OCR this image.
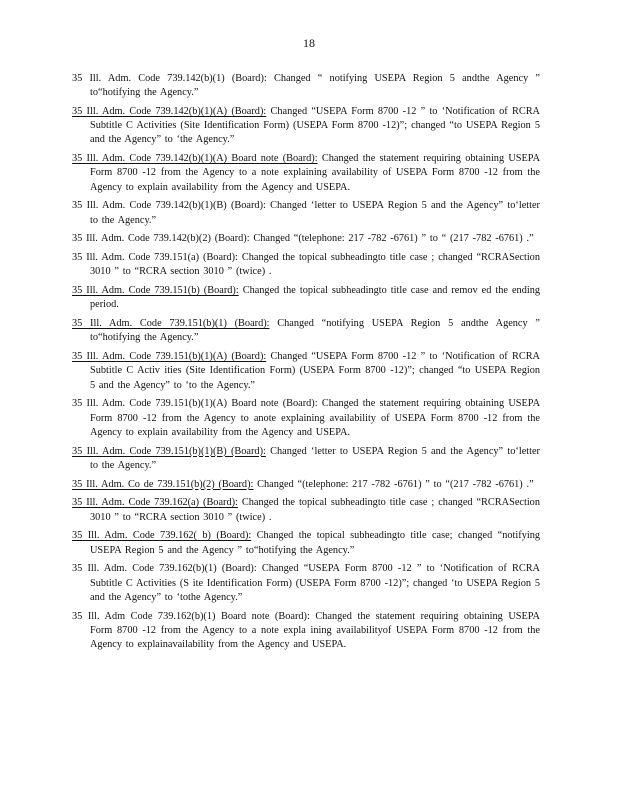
18
35 Ill. Adm. Code 739.142(b)(1) (Board): Changed “ notifying USEPA Region 5 andthe Agency ” to“hotifying the Agency.”
35 Ill. Adm. Code 739.142(b)(1)(A) (Board): Changed “USEPA Form 8700 -12 ” to ‘Notification of RCRA Subtitle C Activities (Site Identification Form) (USEPA Form 8700 -12)”; changed “to USEPA Region 5 and the Agency” to ‘the Agency.”
35 Ill. Adm. Code 739.142(b)(1)(A) Board note (Board): Changed the statement requiring obtaining USEPA Form 8700 -12 from the Agency to a note explaining availability of USEPA Form 8700 -12 from the Agency to explain availability from the Agency and USEPA.
35 Ill. Adm. Code 739.142(b)(1)(B) (Board): Changed ‘letter to USEPA Region 5 and the Agency” to‘letter to the Agency.”
35 Ill. Adm. Code 739.142(b)(2) (Board): Changed “(telephone: 217 -782 -6761) ” to “ (217 -782 -6761) .”
35 Ill. Adm. Code 739.151(a) (Board): Changed the topical subheadingto title case ; changed “RCRASection 3010 ” to “RCRA section 3010 ” (twice) .
35 Ill. Adm. Code 739.151(b) (Board): Changed the topical subheadingto title case and remov ed the ending period.
35 Ill. Adm. Code 739.151(b)(1) (Board): Changed “notifying USEPA Region 5 andthe Agency ” to“hotifying the Agency.”
35 Ill. Adm. Code 739.151(b)(1)(A) (Board): Changed “USEPA Form 8700 -12 ” to ‘Notification of RCRA Subtitle C Activ ities (Site Identification Form) (USEPA Form 8700 -12)”; changed “to USEPA Region 5 and the Agency” to ‘to the Agency.”
35 Ill. Adm. Code 739.151(b)(1)(A) Board note (Board): Changed the statement requiring obtaining USEPA Form 8700 -12 from the Agency to anote explaining availability of USEPA Form 8700 -12 from the Agency to explain availability from the Agency and USEPA.
35 Ill. Adm. Code 739.151(b)(1)(B) (Board): Changed ‘letter to USEPA Region 5 and the Agency” to‘letter to the Agency.”
35 Ill. Adm. Co de 739.151(b)(2) (Board): Changed “(telephone: 217 -782 -6761) ” to “(217 -782 -6761) .”
35 Ill. Adm. Code 739.162(a) (Board): Changed the topical subheadingto title case ; changed “RCRASection 3010 ” to “RCRA section 3010 ” (twice) .
35 Ill. Adm. Code 739.162( b) (Board): Changed the topical subheadingto title case; changed “notifying USEPA Region 5 and the Agency ” to“hotifying the Agency.”
35 Ill. Adm. Code 739.162(b)(1) (Board): Changed “USEPA Form 8700 -12 ” to ‘Notification of RCRA Subtitle C Activities (S ite Identification Form) (USEPA Form 8700 -12)”; changed ‘to USEPA Region 5 and the Agency” to ‘tothe Agency.”
35 Ill. Adm Code 739.162(b)(1) Board note (Board): Changed the statement requiring obtaining USEPA Form 8700 -12 from the Agency to a note expla ining availabilityof USEPA Form 8700 -12 from the Agency to explainavailability from the Agency and USEPA.
